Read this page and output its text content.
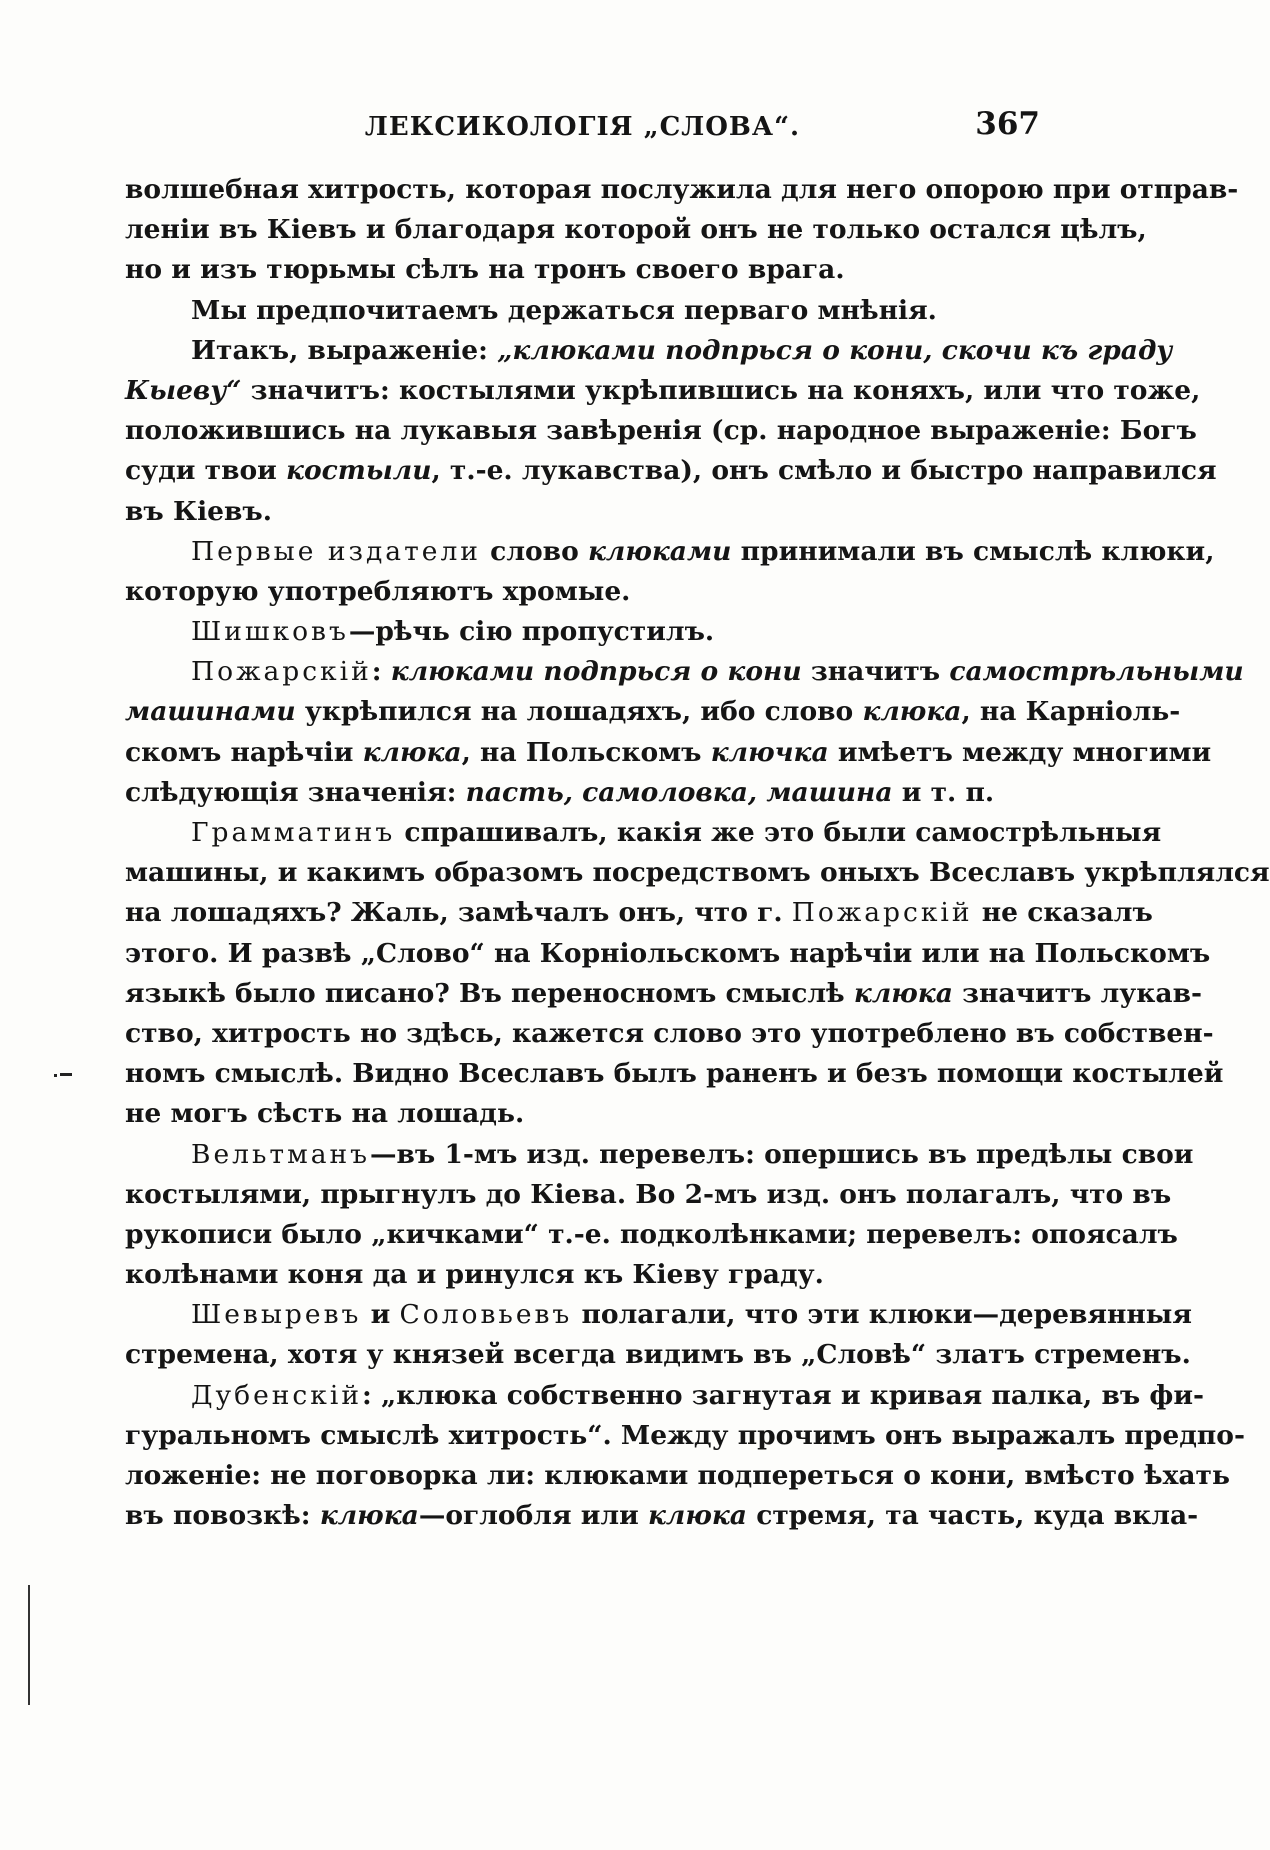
ЛЕКСИКОЛОГІЯ „СЛОВА“.	367
волшебная хитрость, которая послужила для него опорою при отправ-
леніи въ Кіевъ и благодаря которой онъ не только остался цѣлъ,
но и изъ тюрьмы сѣлъ на тронъ своего врага.
Мы предпочитаемъ держаться перваго мнѣнія.
Итакъ, выраженіе: „клюками подпрься о кони, скочи къ граду
Кыеву“ значитъ: костылями укрѣпившись на коняхъ, или что тоже,
положившись на лукавыя завѣренія (ср. народное выраженіе: Богъ
суди твои костыли, т.-е. лукавства), онъ смѣло и быстро направился
въ Кіевъ.
Первые издатели слово клюками принимали въ смыслѣ клюки,
которую употребляютъ хромые.
Шишковъ—рѣчь сію пропустилъ.
Пожарскій: клюками подпрься о кони значитъ самострѣльными
машинами укрѣпился на лошадяхъ, ибо слово клюка, на Карніоль-
скомъ нарѣчіи клюка, на Польскомъ ключка имѣетъ между многими
слѣдующія значенія: пасть, самоловка, машина и т. п.
Грамматинъ спрашивалъ, какія же это были самострѣльныя
машины, и какимъ образомъ посредствомъ оныхъ Всеславъ укрѣплялся
на лошадяхъ? Жаль, замѣчалъ онъ, что г. Пожарскій не сказалъ
этого. И развѣ „Слово“ на Корніольскомъ нарѣчіи или на Польскомъ
языкѣ было писано? Въ переносномъ смыслѣ клюка значитъ лукав-
ство, хитрость но здѣсь, кажется слово это употреблено въ собствен-
номъ смыслѣ. Видно Всеславъ былъ раненъ и безъ помощи костылей
не могъ сѣсть на лошадь.
Вельтманъ—въ 1-мъ изд. перевелъ: опершись въ предѣлы свои
костылями, прыгнулъ до Кіева. Во 2-мъ изд. онъ полагалъ, что въ
рукописи было „кичками“ т.-е. подколѣнками; перевелъ: опоясалъ
колѣнами коня да и ринулся къ Кіеву граду.
Шевыревъ и Соловьевъ полагали, что эти клюки—деревянныя
стремена, хотя у князей всегда видимъ въ „Словѣ“ златъ стременъ.
Дубенскій: „клюка собственно загнутая и кривая палка, въ фи-
гуральномъ смыслѣ хитрость“. Между прочимъ онъ выражалъ предпо-
ложеніе: не поговорка ли: клюками подпереться о кони, вмѣсто ѣхать
въ повозкѣ: клюка—оглобля или клюка стремя, та часть, куда вкла-
